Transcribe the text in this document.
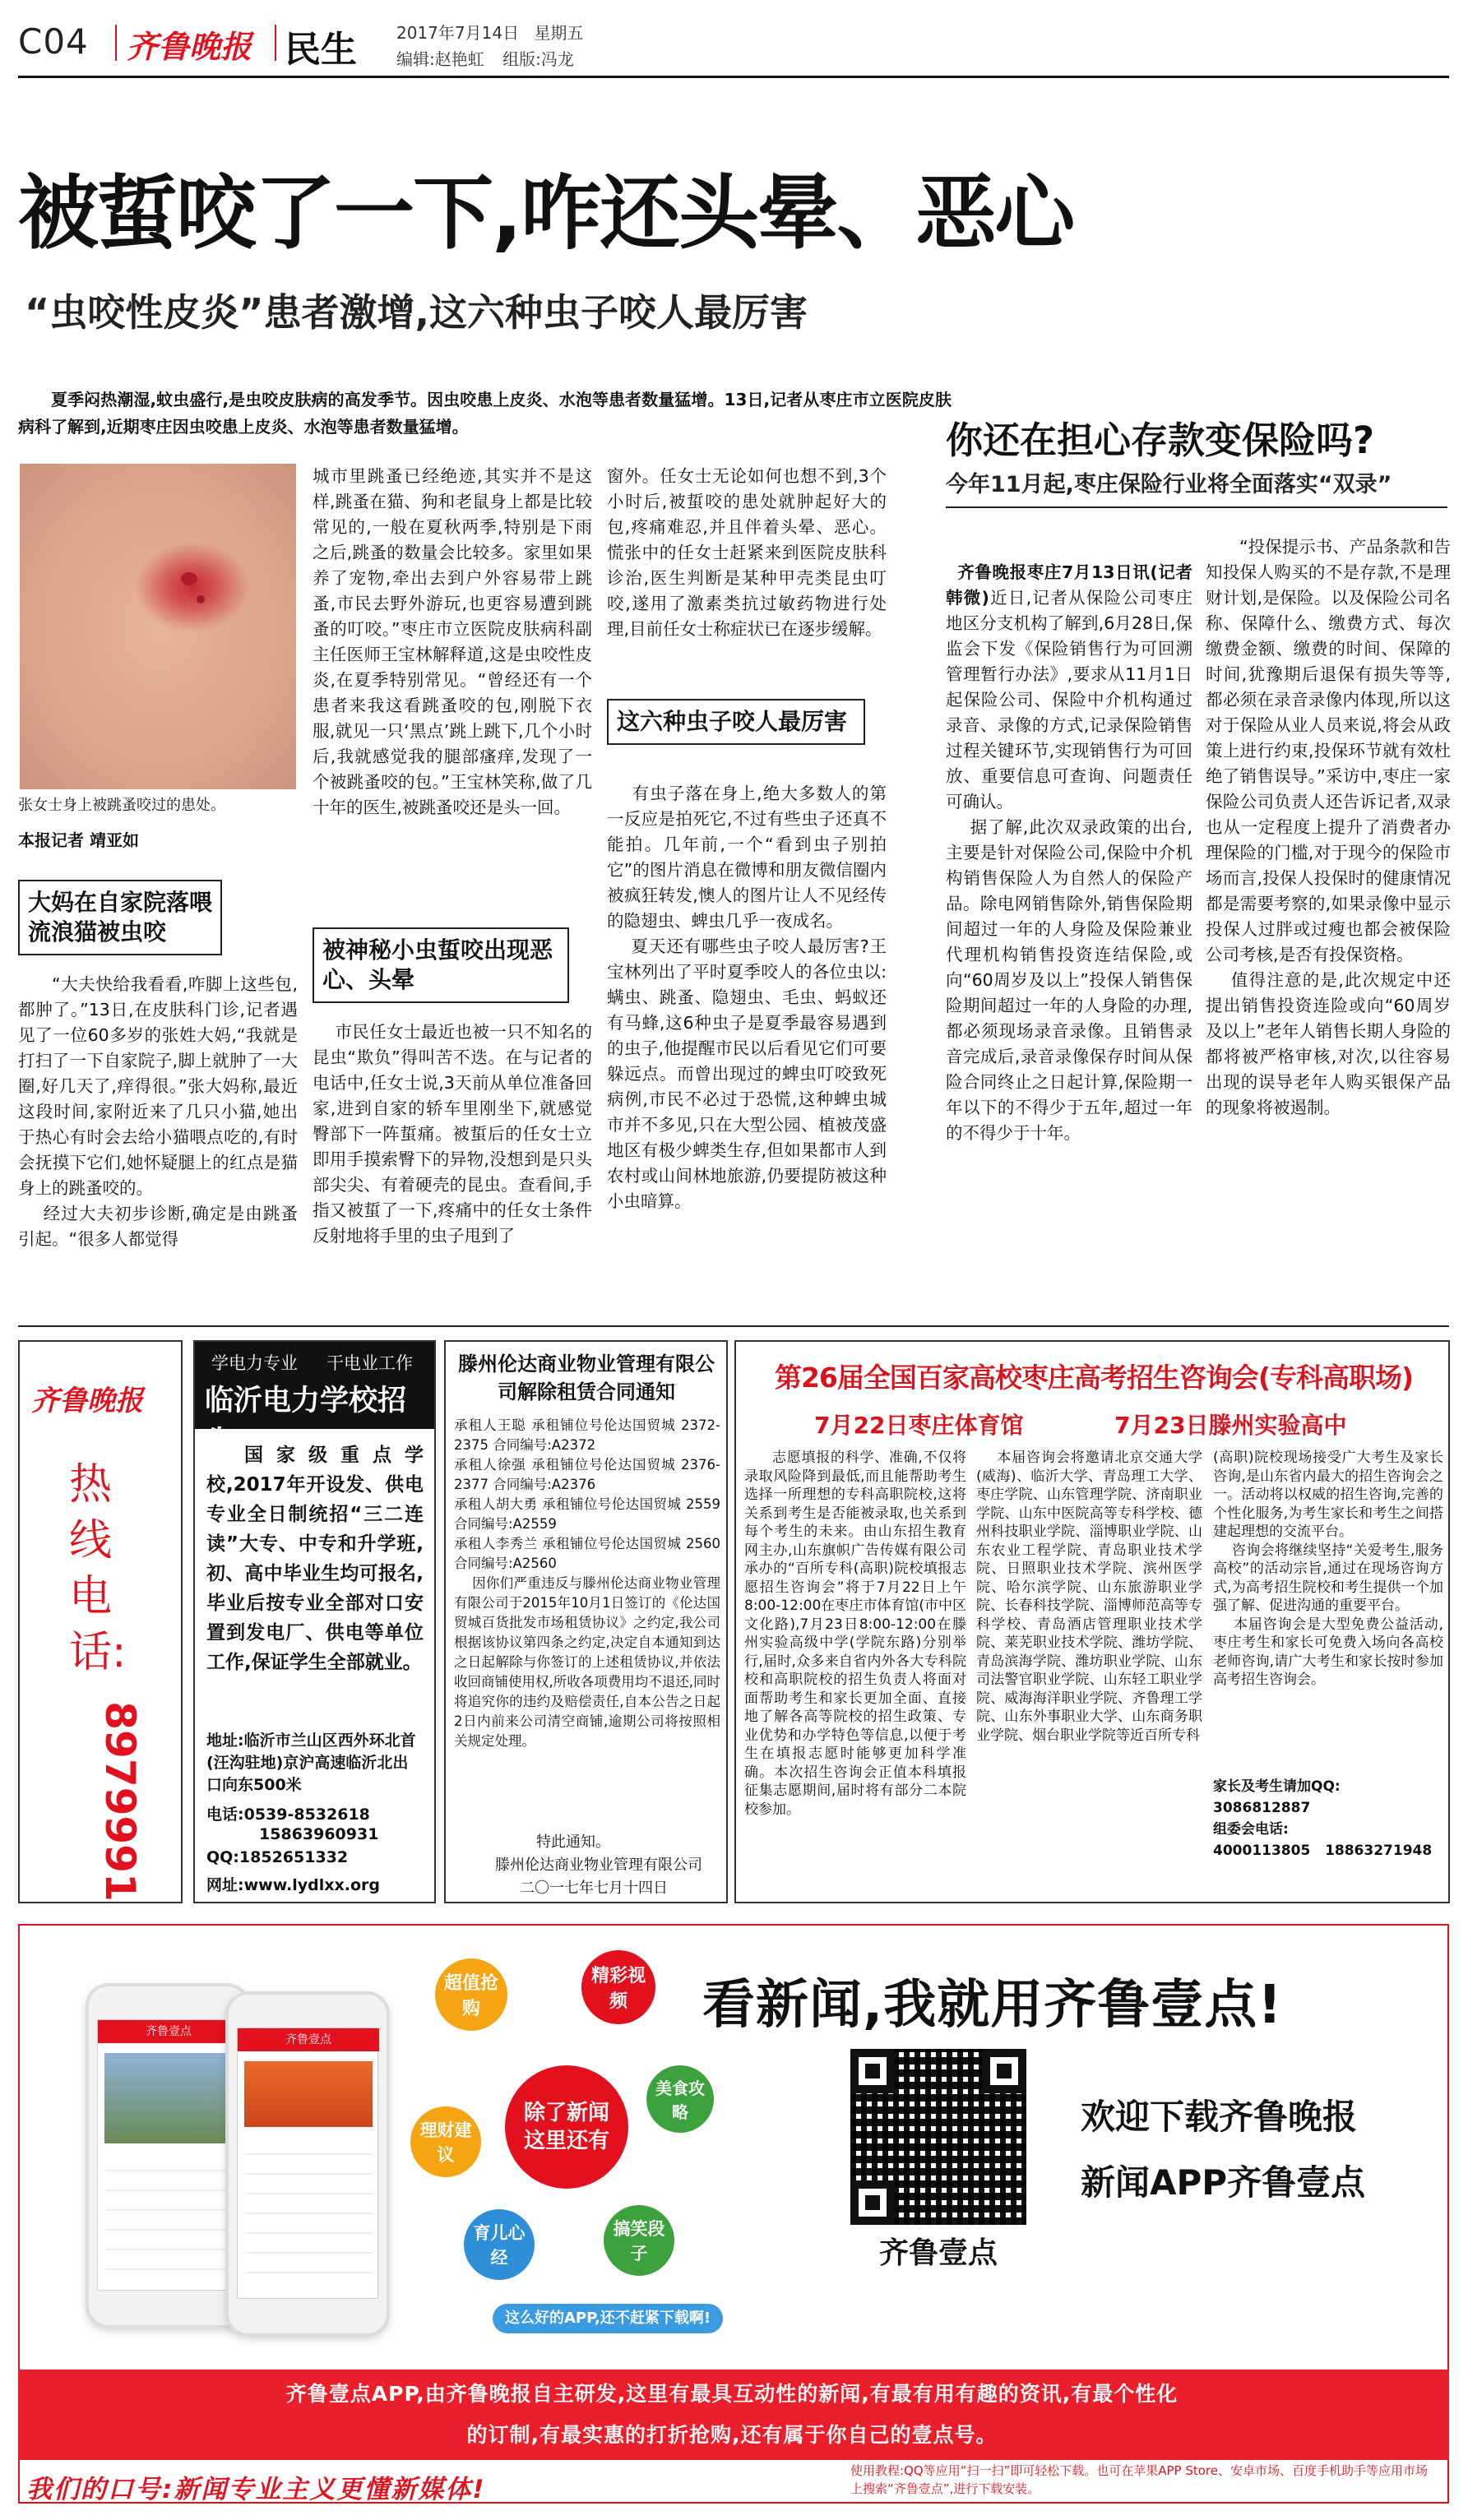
C04 齐鲁晚报 民生 2017年7月14日 星期五
编辑:赵艳虹 组版:冯龙
被蜇咬了一下,咋还头晕、恶心
“虫咬性皮炎”患者激增,这六种虫子咬人最厉害
夏季闷热潮湿,蚊虫盛行,是虫咬皮肤病的高发季节。因虫咬患上皮炎、水泡等患者数量猛增。13日,记者从枣庄市立医院皮肤病科了解到,近期枣庄因虫咬患上皮炎、水泡等患者数量猛增。
张女士身上被跳蚤咬过的患处。
本报记者 靖亚如
大妈在自家院落喂流浪猫被虫咬
“大夫快给我看看,咋脚上这些包,都肿了。”13日,在皮肤科门诊,记者遇见了一位60多岁的张姓大妈,“我就是打扫了一下自家院子,脚上就肿了一大圈,好几天了,痒得很。”张大妈称,最近这段时间,家附近来了几只小猫,她出于热心有时会去给小猫喂点吃的,有时会抚摸下它们,她怀疑腿上的红点是猫身上的跳蚤咬的。
经过大夫初步诊断,确定是由跳蚤引起。“很多人都觉得
城市里跳蚤已经绝迹,其实并不是这样,跳蚤在猫、狗和老鼠身上都是比较常见的,一般在夏秋两季,特别是下雨之后,跳蚤的数量会比较多。家里如果养了宠物,牵出去到户外容易带上跳蚤,市民去野外游玩,也更容易遭到跳蚤的叮咬。”枣庄市立医院皮肤病科副主任医师王宝林解释道,这是虫咬性皮炎,在夏季特别常见。“曾经还有一个患者来我这看跳蚤咬的包,刚脱下衣服,就见一只‘黑点’跳上跳下,几个小时后,我就感觉我的腿部瘙痒,发现了一个被跳蚤咬的包。”王宝林笑称,做了几十年的医生,被跳蚤咬还是头一回。
被神秘小虫蜇咬出现恶心、头晕
市民任女士最近也被一只不知名的昆虫“欺负”得叫苦不迭。在与记者的电话中,任女士说,3天前从单位准备回家,进到自家的轿车里刚坐下,就感觉臀部下一阵蜇痛。被蜇后的任女士立即用手摸索臀下的异物,没想到是只头部尖尖、有着硬壳的昆虫。查看间,手指又被蜇了一下,疼痛中的任女士条件反射地将手里的虫子甩到了
窗外。任女士无论如何也想不到,3个小时后,被蜇咬的患处就肿起好大的包,疼痛难忍,并且伴着头晕、恶心。慌张中的任女士赶紧来到医院皮肤科诊治,医生判断是某种甲壳类昆虫叮咬,遂用了激素类抗过敏药物进行处理,目前任女士称症状已在逐步缓解。
这六种虫子咬人最厉害
有虫子落在身上,绝大多数人的第一反应是拍死它,不过有些虫子还真不能拍。几年前,一个“看到虫子别拍它”的图片消息在微博和朋友微信圈内被疯狂转发,懊人的图片让人不见经传的隐翅虫、蜱虫几乎一夜成名。
夏天还有哪些虫子咬人最厉害?王宝林列出了平时夏季咬人的各位虫以:螨虫、跳蚤、隐翅虫、毛虫、蚂蚁还有马蜂,这6种虫子是夏季最容易遇到的虫子,他提醒市民以后看见它们可要躲远点。而曾出现过的蜱虫叮咬致死病例,市民不必过于恐慌,这种蜱虫城市并不多见,只在大型公园、植被茂盛地区有极少蜱类生存,但如果都市人到农村或山间林地旅游,仍要提防被这种小虫暗算。
你还在担心存款变保险吗?
今年11月起,枣庄保险行业将全面落实“双录”

齐鲁晚报枣庄7月13日讯(记者 韩微)近日,记者从保险公司枣庄地区分支机构了解到,6月28日,保监会下发《保险销售行为可回溯管理暂行办法》,要求从11月1日起保险公司、保险中介机构通过录音、录像的方式,记录保险销售过程关键环节,实现销售行为可回放、重要信息可查询、问题责任可确认。
据了解,此次双录政策的出台,主要是针对保险公司,保险中介机构销售保险人为自然人的保险产品。除电网销售除外,销售保险期间超过一年的人身险及保险兼业代理机构销售投资连结保险,或向“60周岁及以上”投保人销售保险期间超过一年的人身险的办理,都必须现场录音录像。且销售录音完成后,录音录像保存时间从保险合同终止之日起计算,保险期一年以下的不得少于五年,超过一年的不得少于十年。

“投保提示书、产品条款和告知投保人购买的不是存款,不是理财计划,是保险。以及保险公司名称、保障什么、缴费方式、每次缴费金额、缴费的时间、保障的时间,犹豫期后退保有损失等等,都必须在录音录像内体现,所以这对于保险从业人员来说,将会从政策上进行约束,投保环节就有效杜绝了销售误导。”采访中,枣庄一家保险公司负责人还告诉记者,双录也从一定程度上提升了消费者办理保险的门槛,对于现今的保险市场而言,投保人投保时的健康情况都是需要考察的,如果录像中显示投保人过胖或过瘦也都会被保险公司考核,是否有投保资格。
值得注意的是,此次规定中还提出销售投资连险或向“60周岁及以上”老年人销售长期人身险的都将被严格审核,对次,以往容易出现的误导老年人购买银保产品的现象将被遏制。
齐鲁晚报
热线电话:
8979991
学电力专业 干电业工作
临沂电力学校招生 国家级重点学校,2017年开设发、供电专业全日制统招“三二连读”大专、中专和升学班,初、高中毕业生均可报名,毕业后按专业全部对口安置到发电厂、供电等单位工作,保证学生全部就业。
地址:临沂市兰山区西外环北首(汪沟驻地)京沪高速临沂北出口向东500米
电话:0539-8532618
15863960931
QQ:1852651332
网址:www.lydlxx.org
滕州伦达商业物业管理有限公司解除租赁合同通知
承租人王聪 承租铺位号伦达国贸城 2372-2375 合同编号:A2372
承租人徐强 承租铺位号伦达国贸城 2376-2377 合同编号:A2376
承租人胡大勇 承租铺位号伦达国贸城 2559 合同编号:A2559
承租人李秀兰 承租铺位号伦达国贸城 2560 合同编号:A2560
因你们严重违反与滕州伦达商业物业管理有限公司于2015年10月1日签订的《伦达国贸城百货批发市场租赁协议》之约定,我公司根据该协议第四条之约定,决定自本通知到达之日起解除与你签订的上述租赁协议,并依法收回商铺使用权,所收各项费用均不退还,同时将追究你的违约及赔偿责任,自本公告之日起2日内前来公司清空商铺,逾期公司将按照相关规定处理。
特此通知。
滕州伦达商业物业管理有限公司
二〇一七年七月十四日
第26届全国百家高校枣庄高考招生咨询会(专科高职场)
7月22日枣庄体育馆	7月23日滕州实验高中
志愿填报的科学、准确,不仅将录取风险降到最低,而且能帮助考生选择一所理想的专科高职院校,这将关系到考生是否能被录取,也关系到每个考生的未来。由山东招生教育网主办,山东旗帜广告传媒有限公司承办的“百所专科(高职)院校填报志愿招生咨询会”将于7月22日上午8:00-12:00在枣庄市体育馆(市中区文化路),7月23日8:00-12:00在滕州实验高级中学(学院东路)分别举行,届时,众多来自省内外各大专科院校和高职院校的招生负责人将面对面帮助考生和家长更加全面、直接地了解各高等院校的招生政策、专业优势和办学特色等信息,以便于考生在填报志愿时能够更加科学准确。本次招生咨询会正值本科填报征集志愿期间,届时将有部分二本院校参加。
本届咨询会将邀请北京交通大学(威海)、临沂大学、青岛理工大学、枣庄学院、山东管理学院、济南职业学院、山东中医院高等专科学校、德州科技职业学院、淄博职业学院、山东农业工程学院、青岛职业技术学院、日照职业技术学院、滨州医学院、哈尔滨学院、山东旅游职业学院、长春科技学院、淄博师范高等专科学校、青岛酒店管理职业技术学院、莱芜职业技术学院、潍坊学院、青岛滨海学院、潍坊职业学院、山东司法警官职业学院、山东轻工职业学院、威海海洋职业学院、齐鲁理工学院、山东外事职业大学、山东商务职业学院、烟台职业学院等近百所专科
(高职)院校现场接受广大考生及家长咨询,是山东省内最大的招生咨询会之一。活动将以权威的招生咨询,完善的个性化服务,为考生家长和考生之间搭建起理想的交流平台。
咨询会将继续坚持“关爱考生,服务高校”的活动宗旨,通过在现场咨询方式,为高考招生院校和考生提供一个加强了解、促进沟通的重要平台。
本届咨询会是大型免费公益活动,枣庄考生和家长可免费入场向各高校老师咨询,请广大考生和家长按时参加高考招生咨询会。
家长及考生请加QQ:
3086812887
组委会电话:
4000113805 18863271948
齐鲁壹点
齐鲁壹点
超值抢购
精彩视频
除了新闻这里还有
美食攻略
理财建议
育儿心经
搞笑段子
这么好的APP,还不赶紧下载啊!
看新闻,我就用齐鲁壹点!
齐鲁壹点
欢迎下载齐鲁晚报
新闻APP齐鲁壹点
齐鲁壹点APP,由齐鲁晚报自主研发,这里有最具互动性的新闻,有最有用有趣的资讯,有最个性化
的订制,有最实惠的打折抢购,还有属于你自己的壹点号。
我们的口号:新闻专业主义更懂新媒体!
使用教程:QQ等应用“扫一扫”即可轻松下载。也可在苹果APP Store、安卓市场、百度手机助手等应用市场上搜索“齐鲁壹点”,进行下载安装。
